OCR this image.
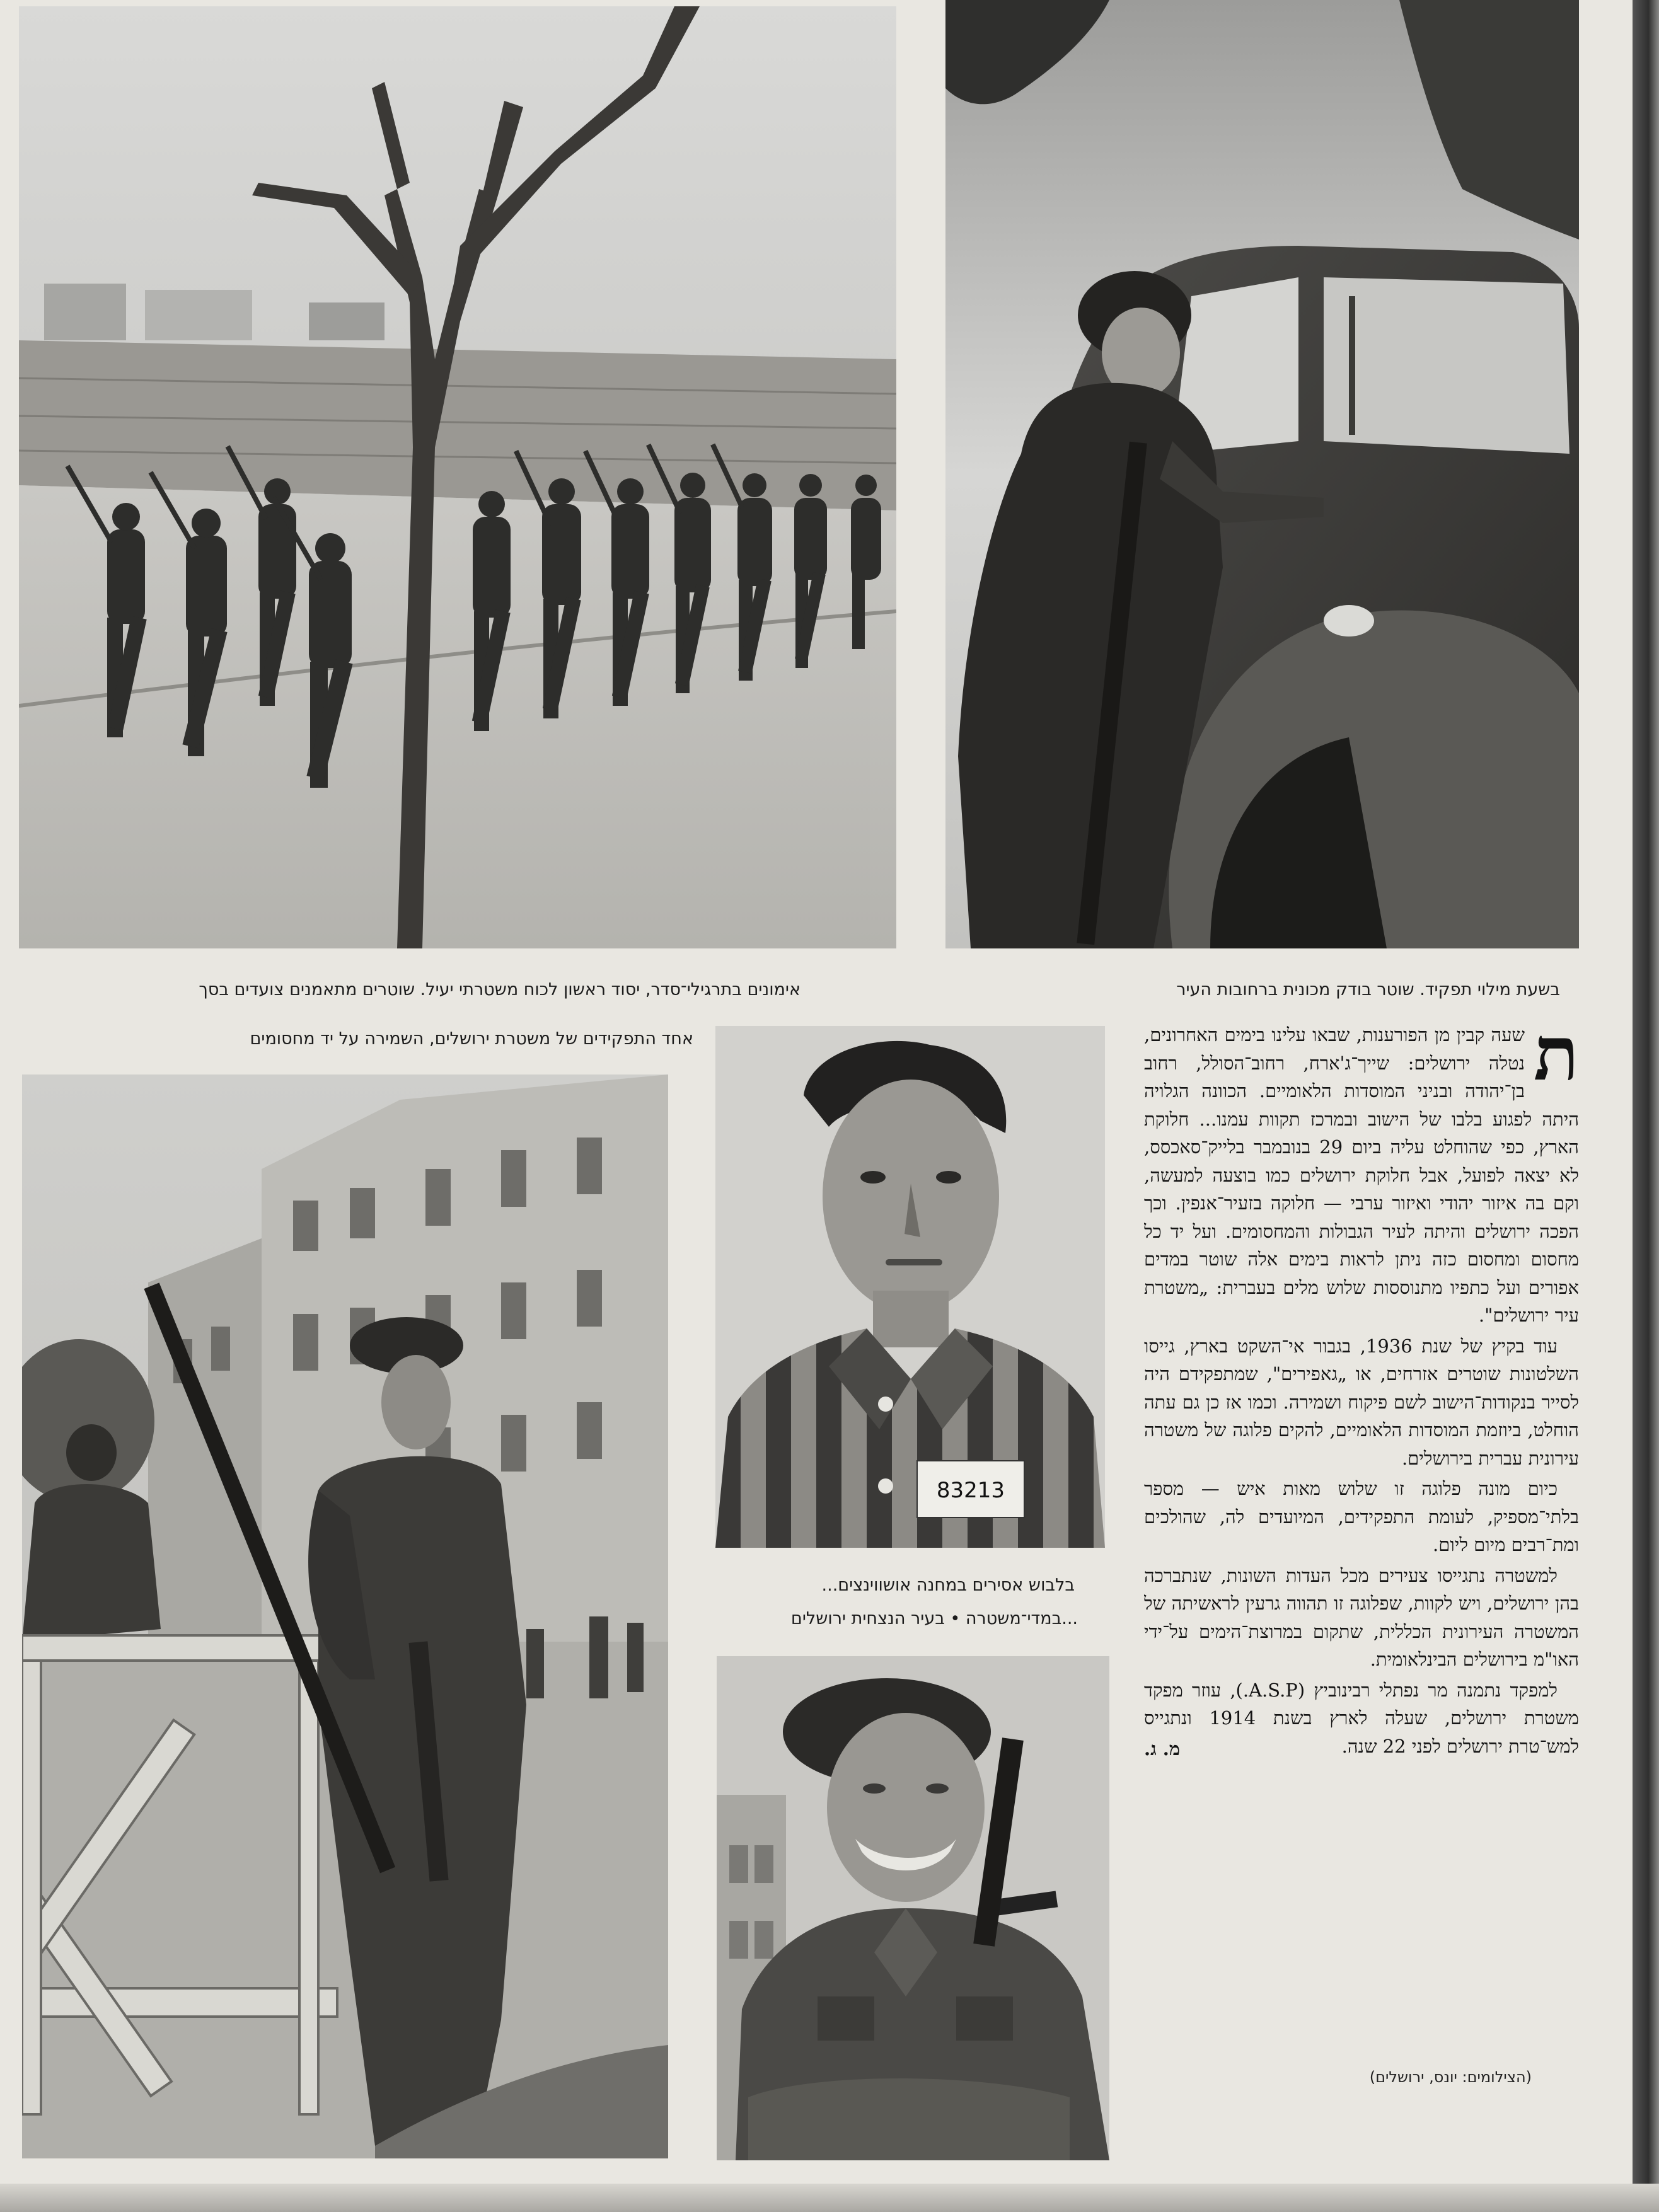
אימונים בתרגילי־סדר, יסוד ראשון לכוח משטרתי יעיל. שוטרים מתאמנים צועדים בסך
אחד התפקידים של משטרת ירושלים, השמירה על יד מחסומים
בשעת מילוי תפקיד. שוטר בודק מכונית ברחובות העיר
83213
בלבוש אסירים במחנה אושווינצים...
...במדי־משטרה • בעיר הנצחית ירושלים

ת
שעה קבין מן הפורענות, שבאו עלינו בימים האחרונים, נטלה ירושלים: שייך־ג'ארח, רחוב־הסולל, רחוב בן־יהודה ובניני המוסדות הלאומיים. הכוונה הגלויה היתה לפגוע בלבו של הישוב ובמרכז תקוות עמנו... חלוקת הארץ, כפי שהוחלט עליה ביום 29 בנובמבר בלייק־סאכסס, לא יצאה לפועל, אבל חלוקת ירושלים כמו בוצעה למעשה, וקם בה איזור יהודי ואיזור ערבי — חלוקה בזעיר־אנפין. וכך הפכה ירושלים והיתה לעיר הגבולות והמחסומים. ועל יד כל מחסום ומחסום כזה ניתן לראות בימים אלה שוטר במדים אפורים ועל כתפיו מתנוססות שלוש מלים בעברית: „משטרת עיר ירושלים".

עוד בקיץ של שנת 1936, בגבור אי־השקט בארץ, גייסו השלטונות שוטרים אזרחים, או „גאפירים", שמתפקידם היה לסייר בנקודות־הישוב לשם פיקוח ושמירה. וכמו אז כן גם עתה הוחלט, ביוזמת המוסדות הלאומיים, להקים פלוגה של משטרה עירונית עברית בירושלים.

כיום מונה פלוגה זו שלוש מאות איש — מספר בלתי־מספיק, לעומת התפקידים, המיועדים לה, שהולכים ומת־רבים מיום ליום.

למשטרה נתגייסו צעירים מכל העדות השונות, שנתברכה בהן ירושלים, ויש לקוות, שפלוגה זו תהווה גרעין לראשיתה של המשטרה העירונית הכללית, שתקום במרוצת־הימים על־ידי האו"מ בירושלים הבינלאומית.

למפקד נתמנה מר נפתלי רבינוביץ (A.S.P.), עוזר מפקד משטרת ירושלים, שעלה לארץ בשנת 1914 ונתגייס למש־טרת ירושלים לפני 22 שנה.

מ. ג.
(הצילומים: יונס, ירושלים)
